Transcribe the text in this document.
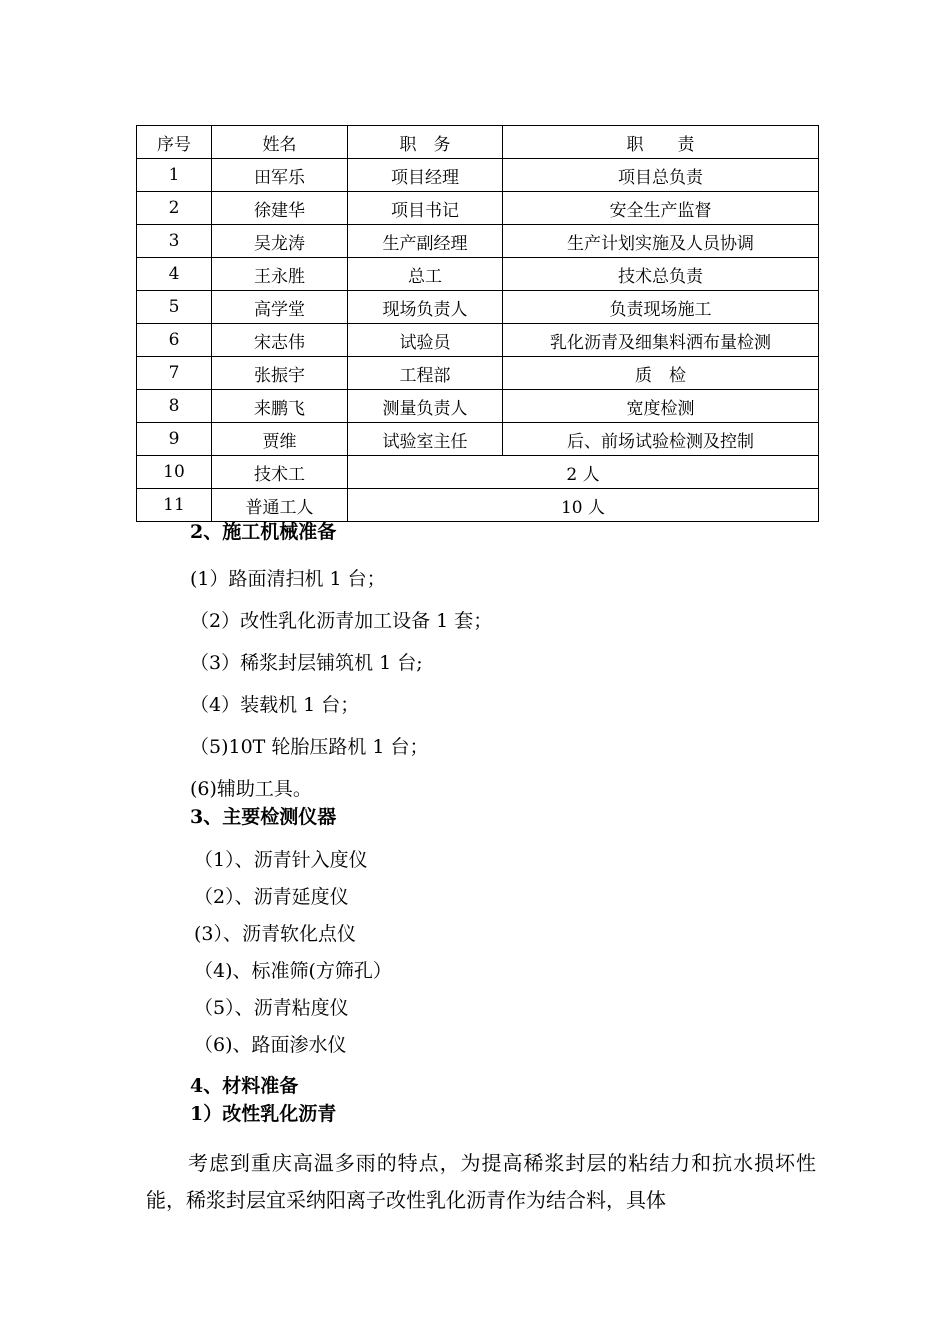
序号	姓名	职　务	职　　责
1	田军乐	项目经理	项目总负责
2	徐建华	项目书记	安全生产监督
3	吴龙涛	生产副经理	生产计划实施及人员协调
4	王永胜	总工	技术总负责
5	高学堂	现场负责人	负责现场施工
6	宋志伟	试验员	乳化沥青及细集料洒布量检测
7	张振宇	工程部	质　检
8	来鹏飞	测量负责人	宽度检测
9	贾维	试验室主任	后、前场试验检测及控制
10	技术工	2 人	
11	普通工人	10 人	
2、施工机械准备
(1）路面清扫机 1 台；
（2）改性乳化沥青加工设备 1 套；
（3）稀浆封层铺筑机 1 台;
（4）装载机 1 台；
（5)10T 轮胎压路机 1 台；
(6)辅助工具。
3、主要检测仪器
（1）、沥青针入度仪
（2）、沥青延度仪
(3）、沥青软化点仪
（4)、标准筛(方筛孔）
（5）、沥青粘度仪
（6)、路面渗水仪
4、材料准备
1）改性乳化沥青

考虑到重庆高温多雨的特点，为提高稀浆封层的粘结力和抗水损坏性能，稀浆封层宜采纳阳离子改性乳化沥青作为结合料，具体
